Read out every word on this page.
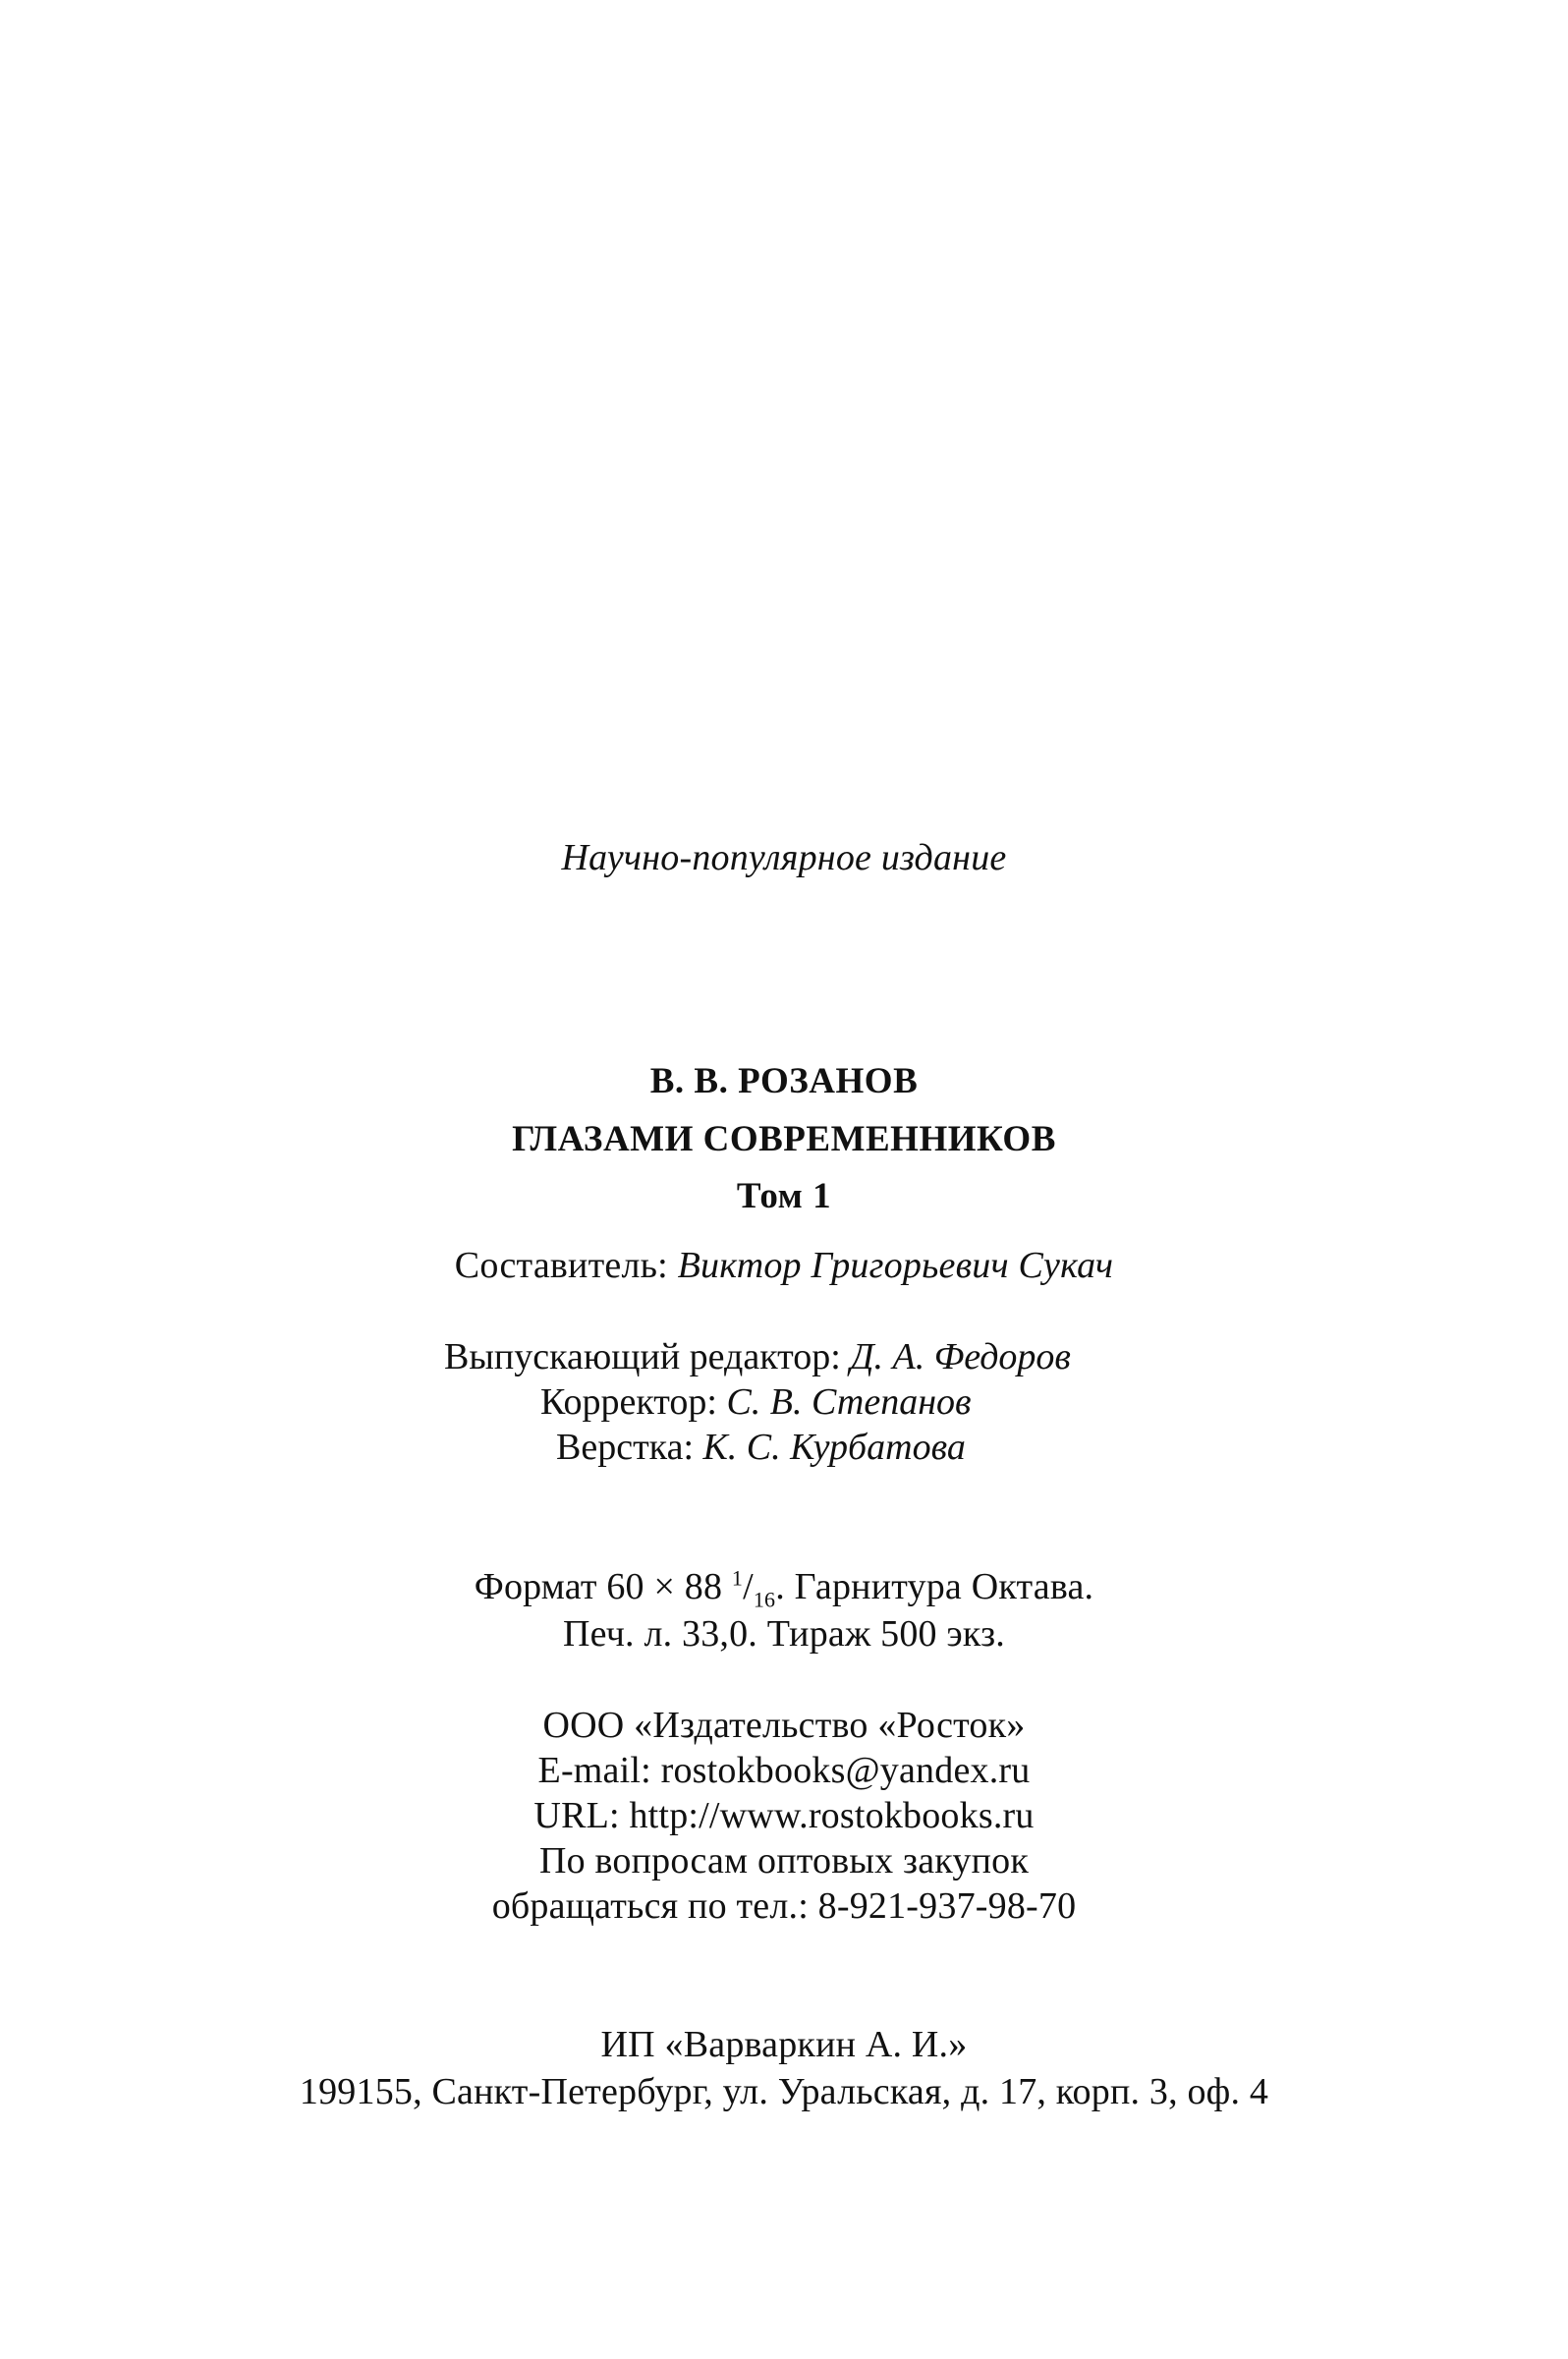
Научно-популярное издание
В. В. РОЗАНОВ
ГЛАЗАМИ СОВРЕМЕННИКОВ
Том 1
Составитель: Виктор Григорьевич Сукач
Выпускающий редактор: Д. А. Федоров
Корректор: С. В. Степанов
Верстка: К. С. Курбатова
Формат 60 × 88 $^1/_{16}$. Гарнитура Октава.
Печ. л. 33,0. Тираж 500 экз.
ООО «Издательство «Росток»
E-mail: rostokbooks@yandex.ru
URL: http://www.rostokbooks.ru
По вопросам оптовых закупок
обращаться по тел.: 8-921-937-98-70
ИП «Варваркин А. И.»
199155, Санкт-Петербург, ул. Уральская, д. 17, корп. 3, оф. 4
